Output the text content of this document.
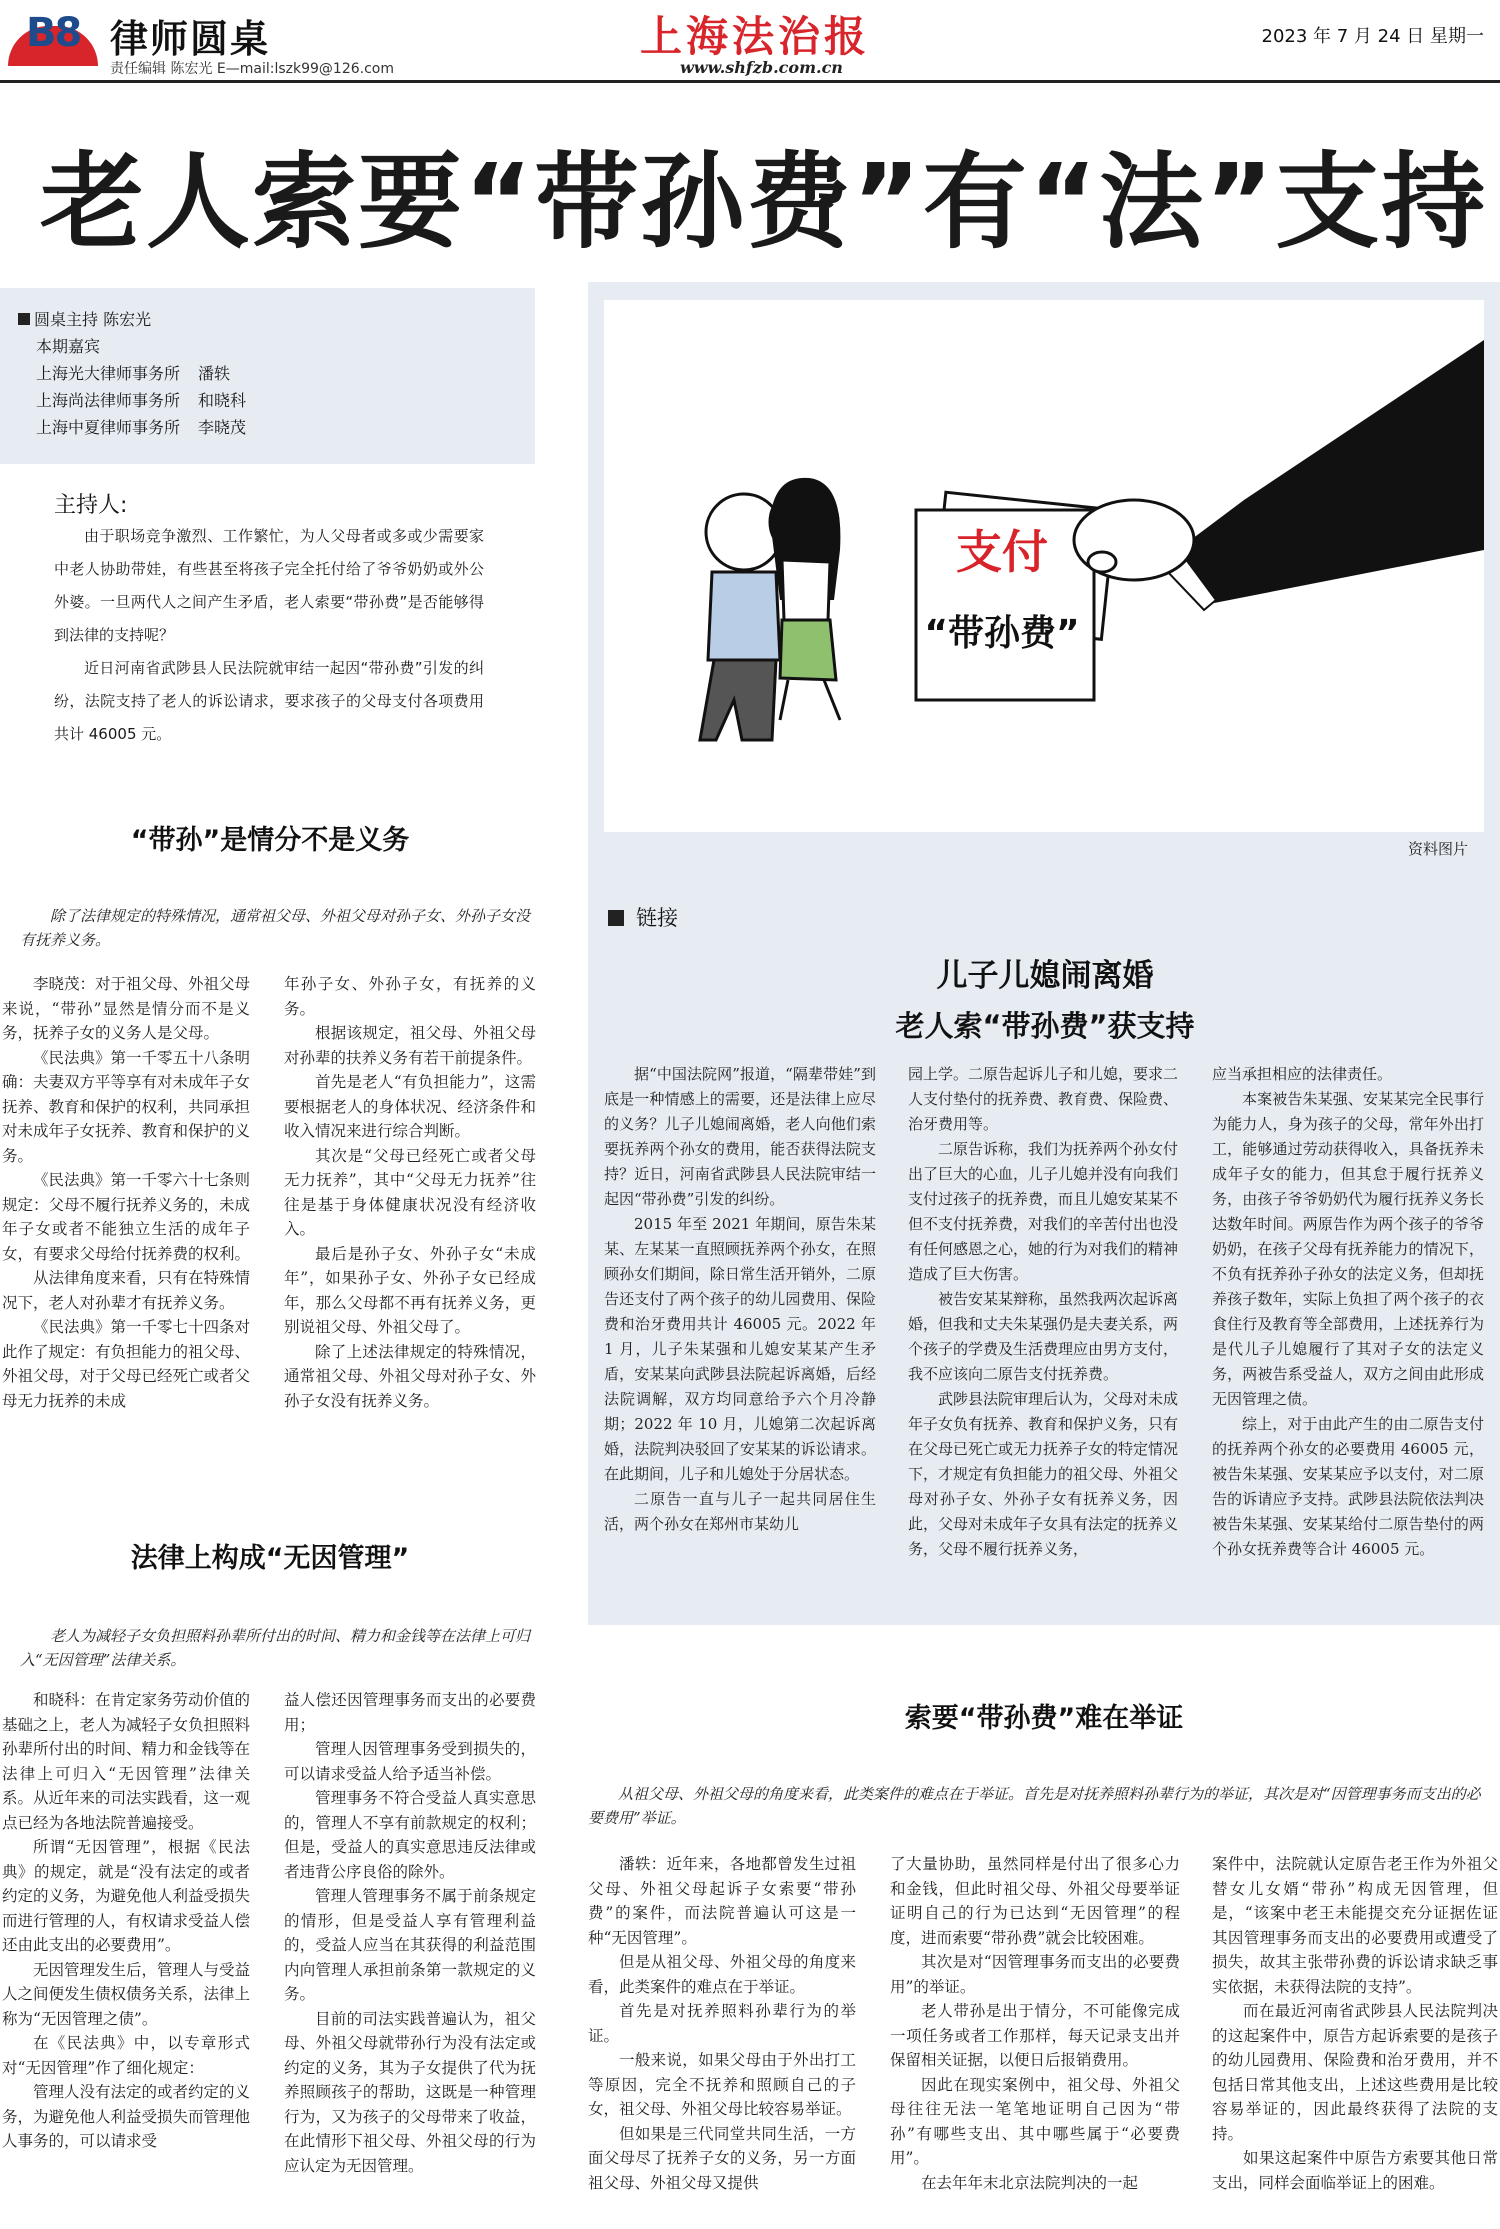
B8 律师圆桌
责任编辑 陈宏光 E—mail:lszk99@126.com
上海法治报
www.shfzb.com.cn
2023 年 7 月 24 日 星期一
老人索要“带孙费”有“法”支持
圆桌主持 陈宏光
本期嘉宾
上海光大律师事务所 潘轶
上海尚法律师事务所 和晓科
上海中夏律师事务所 李晓茂
主持人:
由于职场竞争激烈、工作繁忙，为人父母者或多或少需要家中老人协助带娃，有些甚至将孩子完全托付给了爷爷奶奶或外公外婆。一旦两代人之间产生矛盾，老人索要“带孙费”是否能够得到法律的支持呢？
近日河南省武陟县人民法院就审结一起因“带孙费”引发的纠纷，法院支持了老人的诉讼请求，要求孩子的父母支付各项费用共计 46005 元。
“带孙”是情分不是义务
除了法律规定的特殊情况，通常祖父母、外祖父母对孙子女、外孙子女没有抚养义务。

李晓茂：对于祖父母、外祖父母来说，“带孙”显然是情分而不是义务，抚养子女的义务人是父母。

《民法典》第一千零五十八条明确：夫妻双方平等享有对未成年子女抚养、教育和保护的权利，共同承担对未成年子女抚养、教育和保护的义务。

《民法典》第一千零六十七条则规定：父母不履行抚养义务的，未成年子女或者不能独立生活的成年子女，有要求父母给付抚养费的权利。

从法律角度来看，只有在特殊情况下，老人对孙辈才有抚养义务。

《民法典》第一千零七十四条对此作了规定：有负担能力的祖父母、外祖父母，对于父母已经死亡或者父母无力抚养的未成

年孙子女、外孙子女，有抚养的义务。

根据该规定，祖父母、外祖父母对孙辈的扶养义务有若干前提条件。

首先是老人“有负担能力”，这需要根据老人的身体状况、经济条件和收入情况来进行综合判断。

其次是“父母已经死亡或者父母无力抚养”，其中“父母无力抚养”往往是基于身体健康状况没有经济收入。

最后是孙子女、外孙子女“未成年”，如果孙子女、外孙子女已经成年，那么父母都不再有抚养义务，更别说祖父母、外祖父母了。

除了上述法律规定的特殊情况，通常祖父母、外祖父母对孙子女、外孙子女没有抚养义务。

法律上构成“无因管理”
老人为减轻子女负担照料孙辈所付出的时间、精力和金钱等在法律上可归入“无因管理”法律关系。

和晓科：在肯定家务劳动价值的基础之上，老人为减轻子女负担照料孙辈所付出的时间、精力和金钱等在法律上可归入“无因管理”法律关系。从近年来的司法实践看，这一观点已经为各地法院普遍接受。

所谓“无因管理”，根据《民法典》的规定，就是“没有法定的或者约定的义务，为避免他人利益受损失而进行管理的人，有权请求受益人偿还由此支出的必要费用”。

无因管理发生后，管理人与受益人之间便发生债权债务关系，法律上称为“无因管理之债”。

在《民法典》中，以专章形式对“无因管理”作了细化规定：

管理人没有法定的或者约定的义务，为避免他人利益受损失而管理他人事务的，可以请求受

益人偿还因管理事务而支出的必要费用；

管理人因管理事务受到损失的，可以请求受益人给予适当补偿。

管理事务不符合受益人真实意思的，管理人不享有前款规定的权利；但是，受益人的真实意思违反法律或者违背公序良俗的除外。

管理人管理事务不属于前条规定的情形，但是受益人享有管理利益的，受益人应当在其获得的利益范围内向管理人承担前条第一款规定的义务。

目前的司法实践普遍认为，祖父母、外祖父母就带孙行为没有法定或约定的义务，其为子女提供了代为抚养照顾孩子的帮助，这既是一种管理行为，又为孩子的父母带来了收益，在此情形下祖父母、外祖父母的行为应认定为无因管理。

支付
“带孙费”
资料图片
链接
儿子儿媳闹离婚
老人索“带孙费”获支持

据“中国法院网”报道，“隔辈带娃”到底是一种情感上的需要，还是法律上应尽的义务？儿子儿媳闹离婚，老人向他们索要抚养两个孙女的费用，能否获得法院支持？近日，河南省武陟县人民法院审结一起因“带孙费”引发的纠纷。

2015 年至 2021 年期间，原告朱某某、左某某一直照顾抚养两个孙女，在照顾孙女们期间，除日常生活开销外，二原告还支付了两个孩子的幼儿园费用、保险费和治牙费用共计 46005 元。2022 年 1 月，儿子朱某强和儿媳安某某产生矛盾，安某某向武陟县法院起诉离婚，后经法院调解，双方均同意给予六个月冷静期；2022 年 10 月，儿媳第二次起诉离婚，法院判决驳回了安某某的诉讼请求。在此期间，儿子和儿媳处于分居状态。

二原告一直与儿子一起共同居住生活，两个孙女在郑州市某幼儿

园上学。二原告起诉儿子和儿媳，要求二人支付垫付的抚养费、教育费、保险费、治牙费用等。

二原告诉称，我们为抚养两个孙女付出了巨大的心血，儿子儿媳并没有向我们支付过孩子的抚养费，而且儿媳安某某不但不支付抚养费，对我们的辛苦付出也没有任何感恩之心，她的行为对我们的精神造成了巨大伤害。

被告安某某辩称，虽然我两次起诉离婚，但我和丈夫朱某强仍是夫妻关系，两个孩子的学费及生活费理应由男方支付，我不应该向二原告支付抚养费。

武陟县法院审理后认为，父母对未成年子女负有抚养、教育和保护义务，只有在父母已死亡或无力抚养子女的特定情况下，才规定有负担能力的祖父母、外祖父母对孙子女、外孙子女有抚养义务，因此，父母对未成年子女具有法定的抚养义务，父母不履行抚养义务，

应当承担相应的法律责任。

本案被告朱某强、安某某完全民事行为能力人，身为孩子的父母，常年外出打工，能够通过劳动获得收入，具备抚养未成年子女的能力，但其怠于履行抚养义务，由孩子爷爷奶奶代为履行抚养义务长达数年时间。两原告作为两个孩子的爷爷奶奶，在孩子父母有抚养能力的情况下，不负有抚养孙子孙女的法定义务，但却抚养孩子数年，实际上负担了两个孩子的衣食住行及教育等全部费用，上述抚养行为是代儿子儿媳履行了其对子女的法定义务，两被告系受益人，双方之间由此形成无因管理之债。

综上，对于由此产生的由二原告支付的抚养两个孙女的必要费用 46005 元，被告朱某强、安某某应予以支付，对二原告的诉请应予支持。武陟县法院依法判决被告朱某强、安某某给付二原告垫付的两个孙女抚养费等合计 46005 元。

索要“带孙费”难在举证
从祖父母、外祖父母的角度来看，此类案件的难点在于举证。首先是对抚养照料孙辈行为的举证，其次是对“因管理事务而支出的必要费用”举证。

潘轶：近年来，各地都曾发生过祖父母、外祖父母起诉子女索要“带孙费”的案件，而法院普遍认可这是一种“无因管理”。

但是从祖父母、外祖父母的角度来看，此类案件的难点在于举证。

首先是对抚养照料孙辈行为的举证。

一般来说，如果父母由于外出打工等原因，完全不抚养和照顾自己的子女，祖父母、外祖父母比较容易举证。

但如果是三代同堂共同生活，一方面父母尽了抚养子女的义务，另一方面祖父母、外祖父母又提供

了大量协助，虽然同样是付出了很多心力和金钱，但此时祖父母、外祖父母要举证证明自己的行为已达到“无因管理”的程度，进而索要“带孙费”就会比较困难。

其次是对“因管理事务而支出的必要费用”的举证。

老人带孙是出于情分，不可能像完成一项任务或者工作那样，每天记录支出并保留相关证据，以便日后报销费用。

因此在现实案例中，祖父母、外祖父母往往无法一笔笔地证明自己因为“带孙”有哪些支出、其中哪些属于“必要费用”。

在去年年末北京法院判决的一起

案件中，法院就认定原告老王作为外祖父替女儿女婿“带孙”构成无因管理，但是，“该案中老王未能提交充分证据佐证其因管理事务而支出的必要费用或遭受了损失，故其主张带孙费的诉讼请求缺乏事实依据，未获得法院的支持”。

而在最近河南省武陟县人民法院判决的这起案件中，原告方起诉索要的是孩子的幼儿园费用、保险费和治牙费用，并不包括日常其他支出，上述这些费用是比较容易举证的，因此最终获得了法院的支持。

如果这起案件中原告方索要其他日常支出，同样会面临举证上的困难。
